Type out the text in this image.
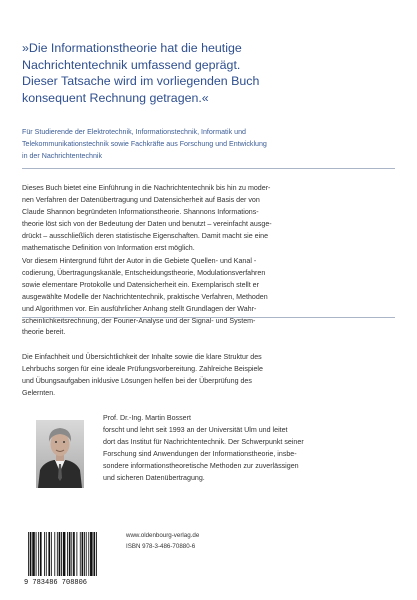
»Die Informationstheorie hat die heutige
Nachrichtentechnik umfassend geprägt.
Dieser Tatsache wird im vorliegenden Buch
konsequent Rechnung getragen.«

Für Studierende der Elektrotechnik, Informationstechnik, Informatik und
Telekommunikationstechnik sowie Fachkräfte aus Forschung und Entwicklung
in der Nachrichtentechnik

Dieses Buch bietet eine Einführung in die Nachrichtentechnik bis hin zu moder-
nen Verfahren der Datenübertragung und Datensicherheit auf Basis der von
Claude Shannon begründeten Informationstheorie. Shannons Informations-
theorie löst sich von der Bedeutung der Daten und benutzt – vereinfacht ausge-
drückt – ausschließlich deren statistische Eigenschaften. Damit macht sie eine
mathematische Definition von Information erst möglich.

Vor diesem Hintergrund führt der Autor in die Gebiete Quellen- und Kanal -
codierung, Übertragungskanäle, Entscheidungstheorie, Modulationsverfahren
sowie elementare Protokolle und Datensicherheit ein. Exemplarisch stellt er
ausgewählte Modelle der Nachrichtentechnik, praktische Verfahren, Methoden
und Algorithmen vor. Ein ausführlicher Anhang stellt Grundlagen der Wahr-
scheinlichkeitsrechnung, der Fourier-Analyse und der Signal- und System-
theorie bereit.

Die Einfachheit und Übersichtlichkeit der Inhalte sowie die klare Struktur des
Lehrbuchs sorgen für eine ideale Prüfungsvorbereitung. Zahlreiche Beispiele
und Übungsaufgaben inklusive Lösungen helfen bei der Überprüfung des
Gelernten.

Prof. Dr.-Ing. Martin Bossert
forscht und lehrt seit 1993 an der Universität Ulm und leitet
dort das Institut für Nachrichtentechnik. Der Schwerpunkt seiner
Forschung sind Anwendungen der Informationstheorie, insbe-
sondere informationstheoretische Methoden zur zuverlässigen
und sicheren Datenübertragung.

9 783486 708806

www.oldenbourg-verlag.de
ISBN 978-3-486-70880-6
